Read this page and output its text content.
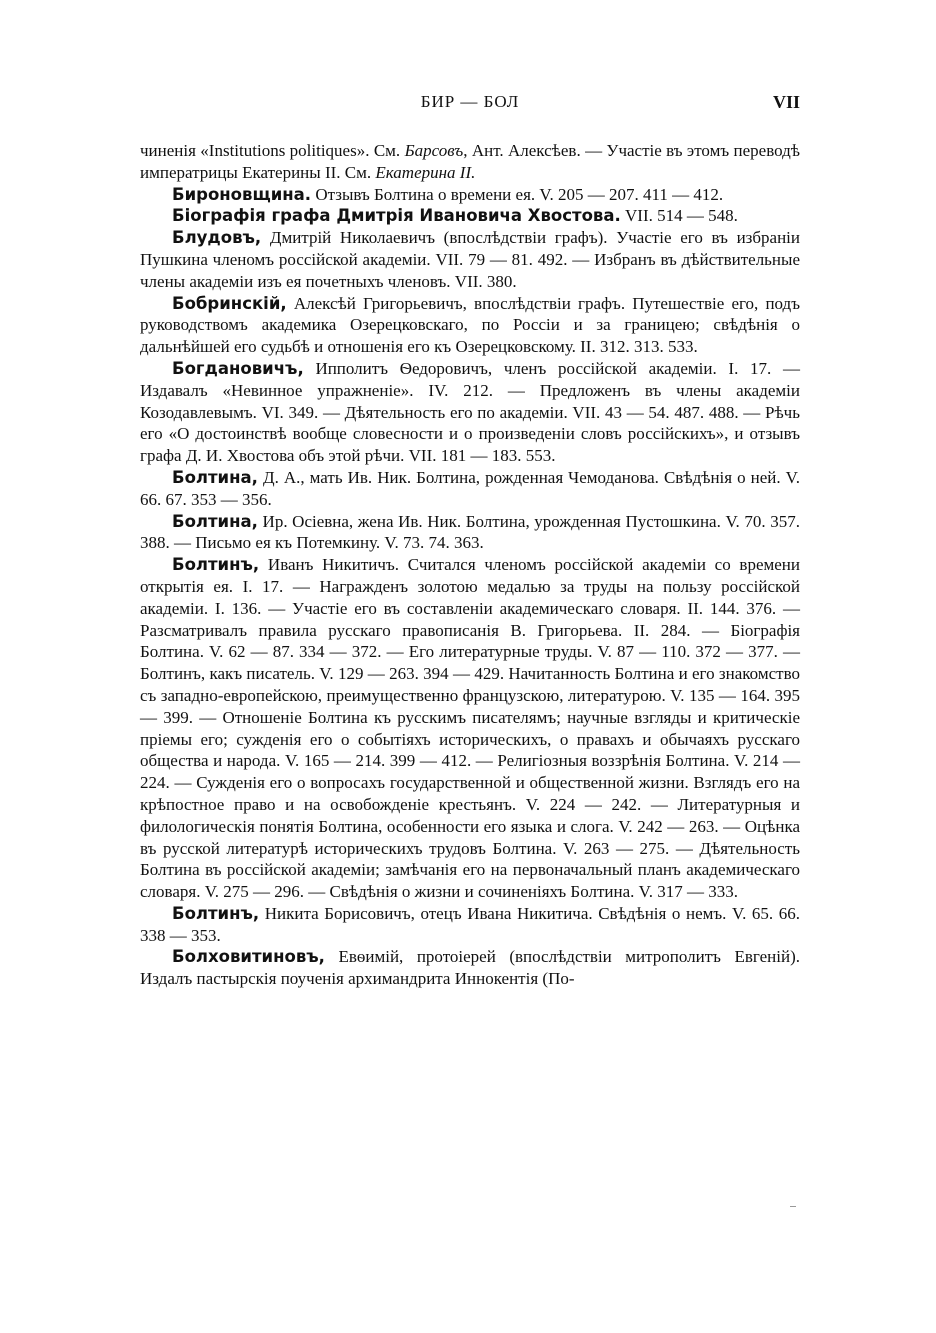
БИР — БОЛ	VII

чиненія «Institutions politiques». См. Барсовъ, Ант. Алексѣев. — Участіе въ этомъ переводѣ императрицы Екатерины II. См. Екатерина II.

Бироновщина. Отзывъ Болтина о времени ея. V. 205 — 207. 411 — 412.

Біографія графа Дмитрія Ивановича Хвостова. VII. 514 — 548.

Блудовъ, Дмитрій Николаевичъ (впослѣдствіи графъ). Участіе его въ избраніи Пушкина членомъ россійской академіи. VII. 79 — 81. 492. — Избранъ въ дѣйствительные члены академіи изъ ея почетныхъ членовъ. VII. 380.

Бобринскій, Алексѣй Григорьевичъ, впослѣдствіи графъ. Путешествіе его, подъ руководствомъ академика Озерецковскаго, по Россіи и за границею; свѣдѣнія о дальнѣйшей его судьбѣ и отношенія его къ Озерецковскому. II. 312. 313. 533.

Богдановичъ, Ипполитъ Ѳедоровичъ, членъ россійской академіи. I. 17. — Издавалъ «Невинное упражненіе». IV. 212. — Предложенъ въ члены академіи Козодавлевымъ. VI. 349. — Дѣятельность его по академіи. VII. 43 — 54. 487. 488. — Рѣчь его «О достоинствѣ вообще словесности и о произведеніи словъ россійскихъ», и отзывъ графа Д. И. Хвостова объ этой рѣчи. VII. 181 — 183. 553.

Болтина, Д. А., мать Ив. Ник. Болтина, рожденная Чемоданова. Свѣдѣнія о ней. V. 66. 67. 353 — 356.

Болтина, Ир. Осіевна, жена Ив. Ник. Болтина, урожденная Пустошкина. V. 70. 357. 388. — Письмо ея къ Потемкину. V. 73. 74. 363.

Болтинъ, Иванъ Никитичъ. Считался членомъ россійской академіи со времени открытія ея. I. 17. — Награжденъ золотою медалью за труды на пользу россійской академіи. I. 136. — Участіе его въ составленіи академическаго словаря. II. 144. 376. — Разсматривалъ правила русскаго правописанія В. Григорьева. II. 284. — Біографія Болтина. V. 62 — 87. 334 — 372. — Его литературные труды. V. 87 — 110. 372 — 377. — Болтинъ, какъ писатель. V. 129 — 263. 394 — 429. Начитанность Болтина и его знакомство съ западно-европейскою, преимущественно французскою, литературою. V. 135 — 164. 395 — 399. — Отношеніе Болтина къ русскимъ писателямъ; научные взгляды и критическіе пріемы его; сужденія его о событіяхъ историческихъ, о правахъ и обычаяхъ русскаго общества и народа. V. 165 — 214. 399 — 412. — Религіозныя воззрѣнія Болтина. V. 214 — 224. — Сужденія его о вопросахъ государственной и общественной жизни. Взглядъ его на крѣпостное право и на освобожденіе крестьянъ. V. 224 — 242. — Литературныя и филологическія понятія Болтина, особенности его языка и слога. V. 242 — 263. — Оцѣнка въ русской литературѣ историческихъ трудовъ Болтина. V. 263 — 275. — Дѣятельность Болтина въ россійской академіи; замѣчанія его на первоначальный планъ академическаго словаря. V. 275 — 296. — Свѣдѣнія о жизни и сочиненіяхъ Болтина. V. 317 — 333.

Болтинъ, Никита Борисовичъ, отецъ Ивана Никитича. Свѣдѣнія о немъ. V. 65. 66. 338 — 353.

Болховитиновъ, Евѳимій, протоіерей (впослѣдствіи митрополитъ Евгеній). Издалъ пастырскія поученія архимандрита Иннокентія (По-
